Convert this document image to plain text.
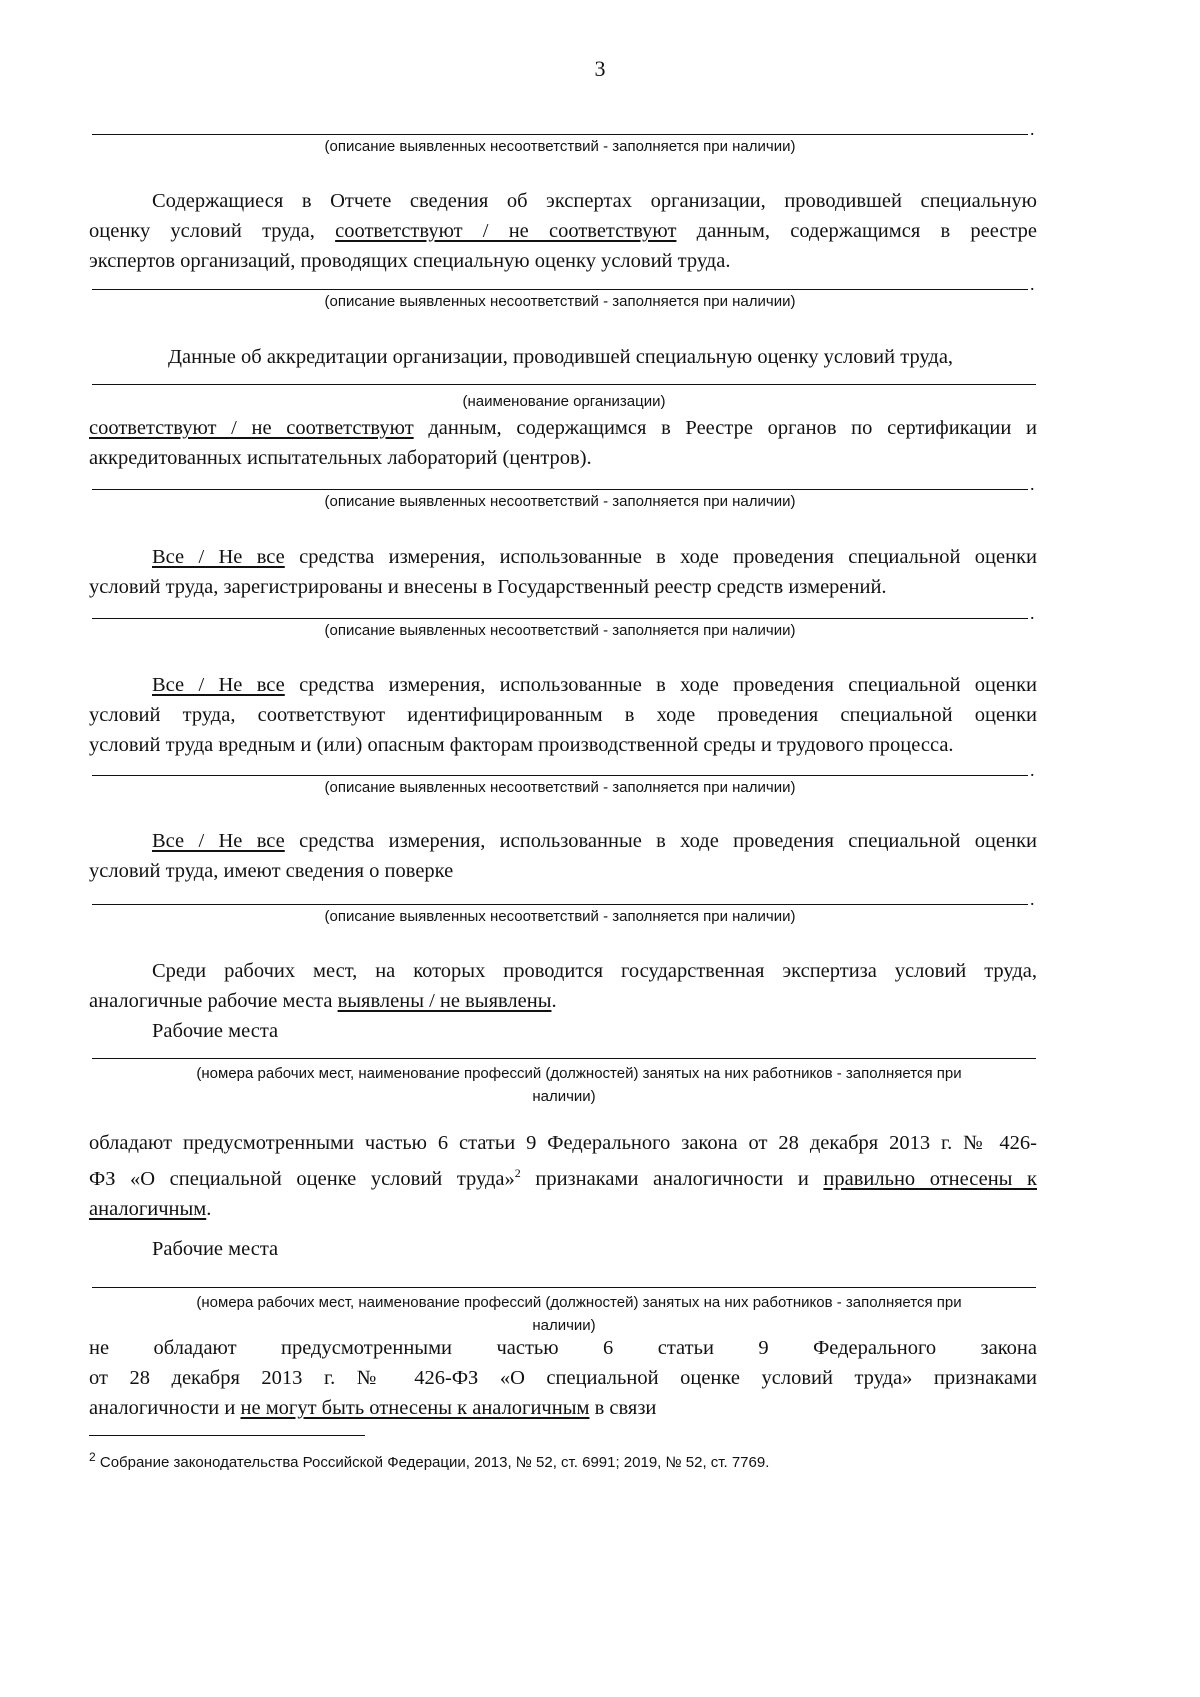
3
.
(описание выявленных несоответствий - заполняется при наличии)
Содержащиеся в Отчете сведения об экспертах организации, проводившей специальную
оценку условий труда, соответствуют / не соответствуют данным, содержащимся в реестре
экспертов организаций, проводящих специальную оценку условий труда.
.
(описание выявленных несоответствий - заполняется при наличии)
Данные об аккредитации организации, проводившей специальную оценку условий труда,
(наименование организации)
соответствуют / не соответствуют данным, содержащимся в Реестре органов по сертификации и
аккредитованных испытательных лабораторий (центров).
.
(описание выявленных несоответствий - заполняется при наличии)
Все / Не все средства измерения, использованные в ходе проведения специальной оценки
условий труда, зарегистрированы и внесены в Государственный реестр средств измерений.
.
(описание выявленных несоответствий - заполняется при наличии)
Все / Не все средства измерения, использованные в ходе проведения специальной оценки
условий труда, соответствуют идентифицированным в ходе проведения специальной оценки
условий труда вредным и (или) опасным факторам производственной среды и трудового процесса.
.
(описание выявленных несоответствий - заполняется при наличии)
Все / Не все средства измерения, использованные в ходе проведения специальной оценки
условий труда, имеют сведения о поверке
.
(описание выявленных несоответствий - заполняется при наличии)
Среди рабочих мест, на которых проводится государственная экспертиза условий труда,
аналогичные рабочие места выявлены / не выявлены.
Рабочие места
(номера рабочих мест, наименование профессий (должностей) занятых на них работников - заполняется при
наличии)
обладают предусмотренными частью 6 статьи 9 Федерального закона от 28 декабря 2013 г. № 426-
ФЗ «О специальной оценке условий труда»$^2$ признаками аналогичности и правильно отнесены к
аналогичным.
Рабочие места
(номера рабочих мест, наименование профессий (должностей) занятых на них работников - заполняется при
наличии)
не обладают предусмотренными частью 6 статьи 9 Федерального закона
от 28 декабря 2013 г. № 426-ФЗ «О специальной оценке условий труда» признаками
аналогичности и не могут быть отнесены к аналогичным в связи
$^2$ Собрание законодательства Российской Федерации, 2013, № 52, ст. 6991; 2019, № 52, ст. 7769.
